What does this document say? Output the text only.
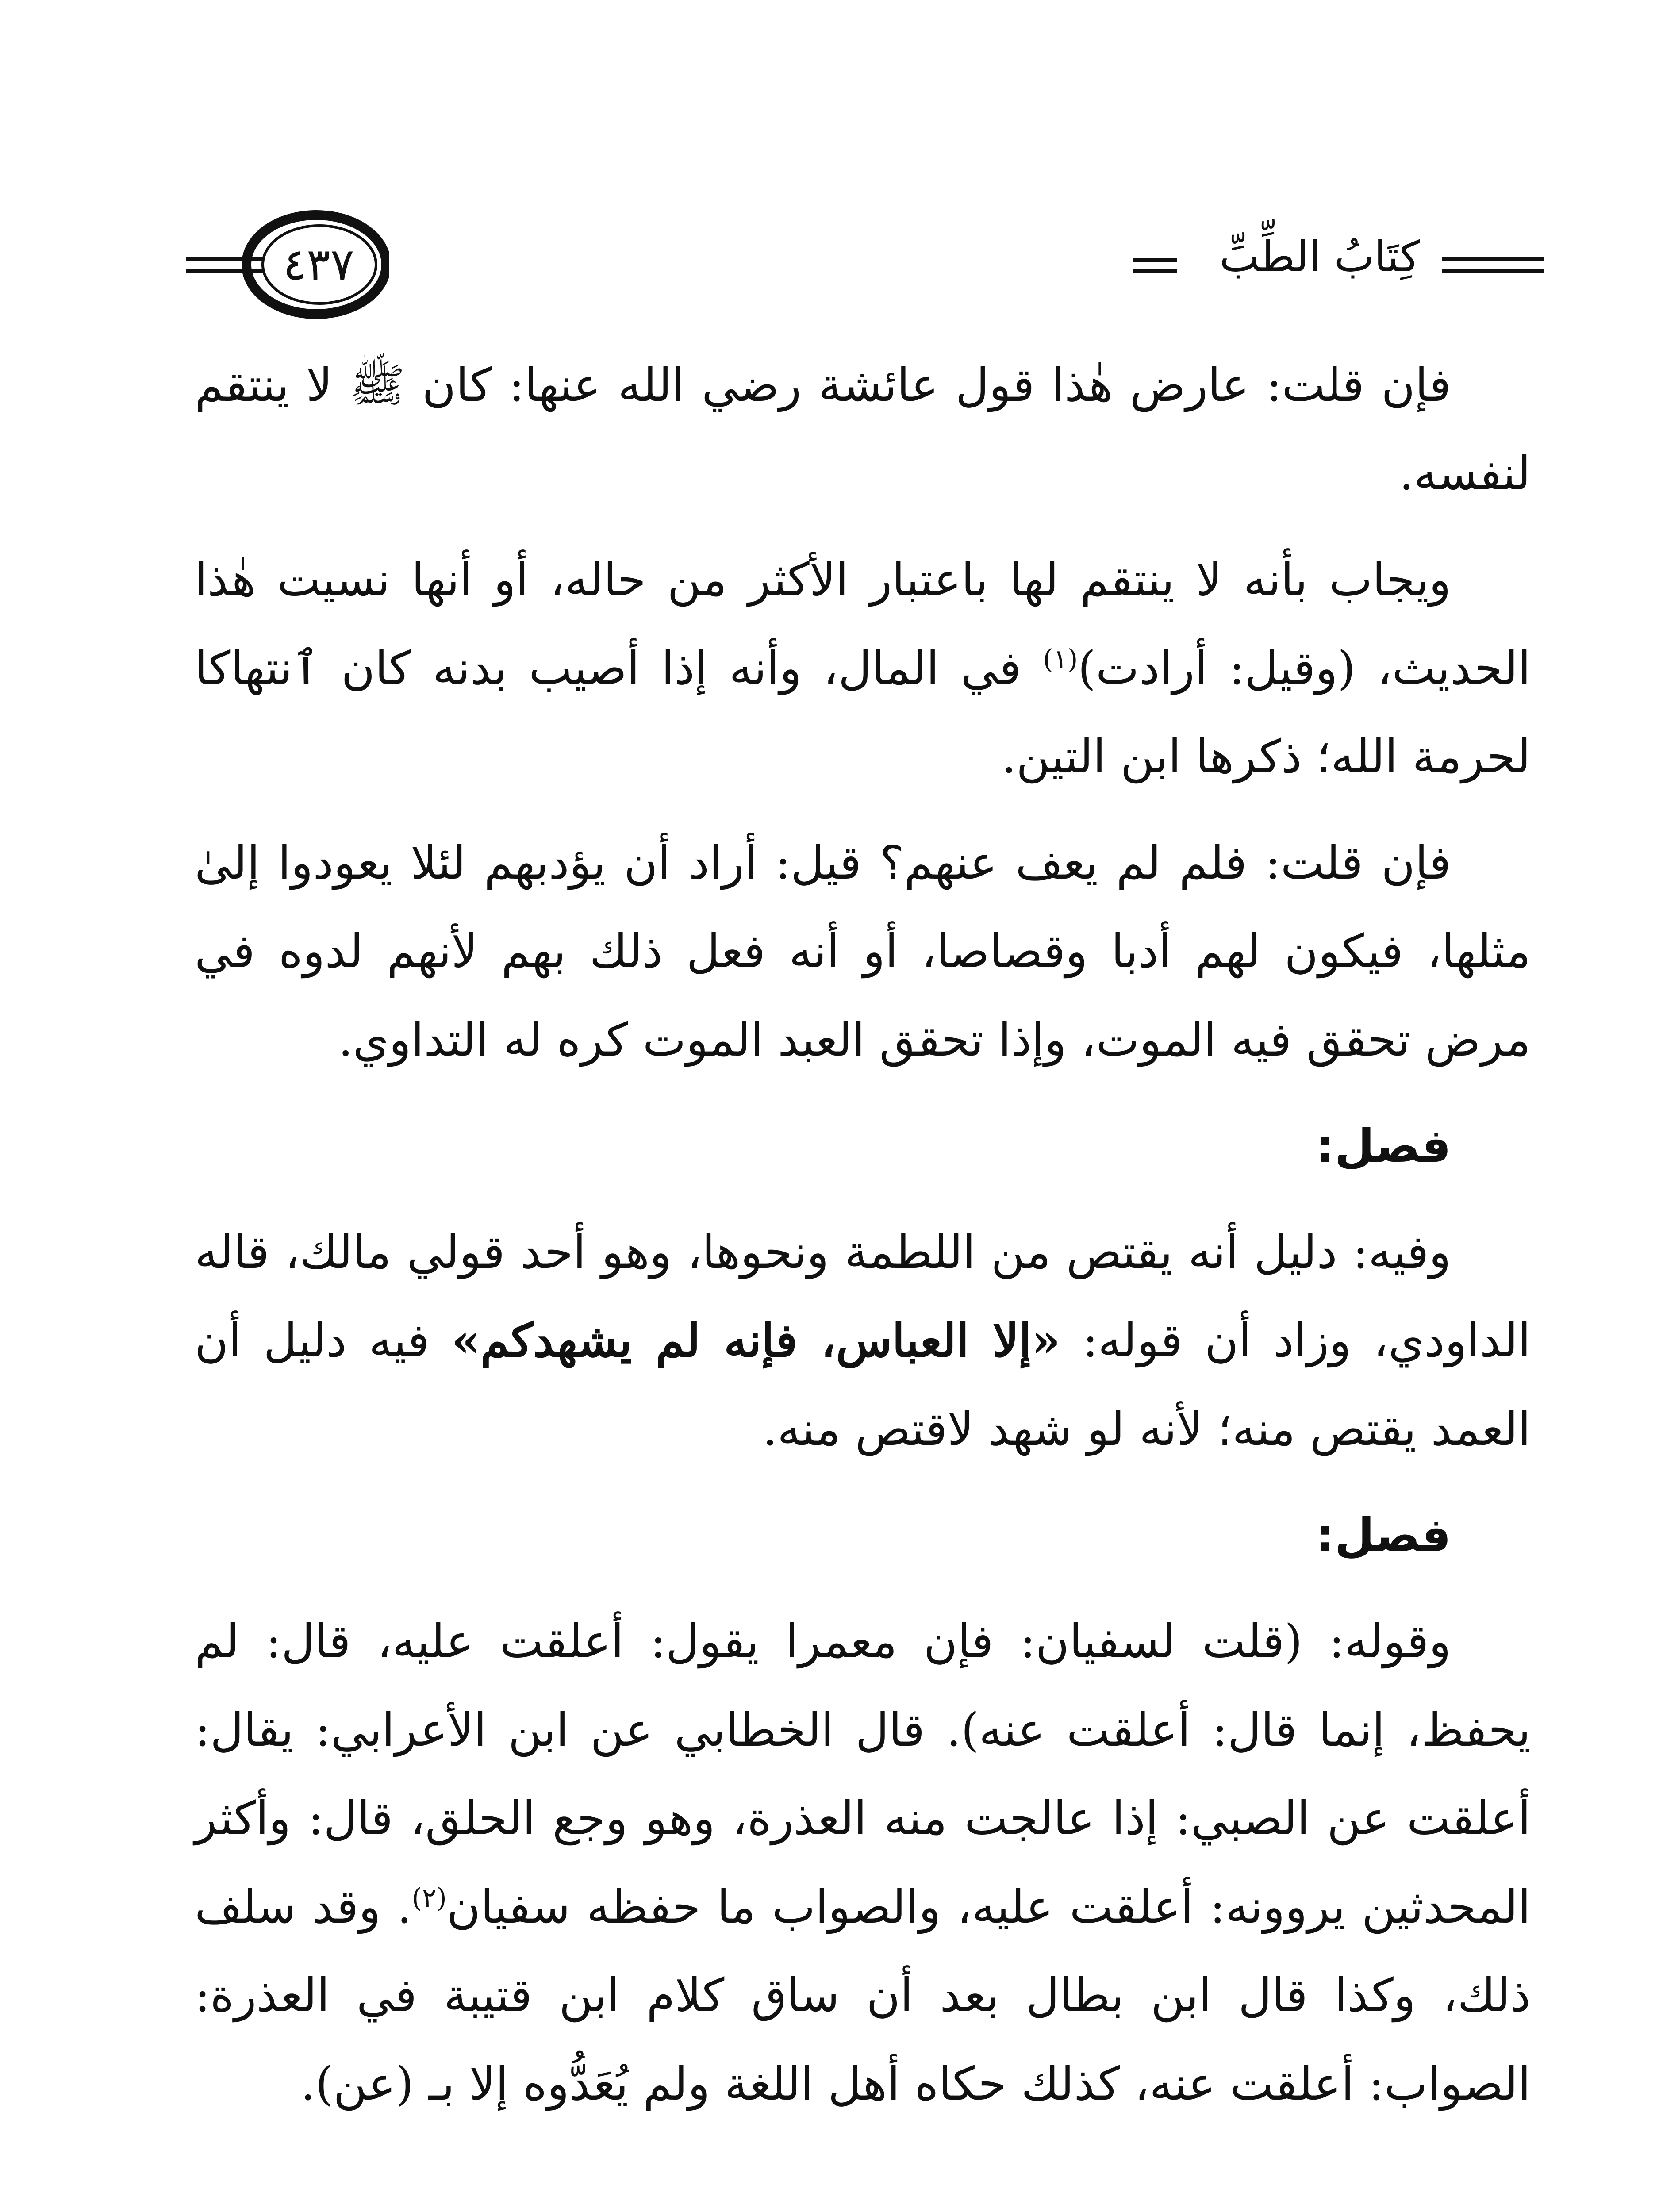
كِتَابُ الطِّبِّ
٤٣٧

فإن قلت: عارض هٰذا قول عائشة رضي الله عنها: كان ﷺ لا ينتقم لنفسه.

ويجاب بأنه لا ينتقم لها باعتبار الأكثر من حاله، أو أنها نسيت هٰذا الحديث، (وقيل: أرادت)$^{(١)}$ في المال، وأنه إذا أصيب بدنه كان ٱنتهاكا لحرمة الله؛ ذكرها ابن التين.

فإن قلت: فلم لم يعف عنهم؟ قيل: أراد أن يؤدبهم لئلا يعودوا إلىٰ مثلها، فيكون لهم أدبا وقصاصا، أو أنه فعل ذلك بهم لأنهم لدوه في مرض تحقق فيه الموت، وإذا تحقق العبد الموت كره له التداوي.

فصل:

وفيه: دليل أنه يقتص من اللطمة ونحوها، وهو أحد قولي مالك، قاله الداودي، وزاد أن قوله: «إلا العباس، فإنه لم يشهدكم» فيه دليل أن العمد يقتص منه؛ لأنه لو شهد لاقتص منه.

فصل:

وقوله: (قلت لسفيان: فإن معمرا يقول: أعلقت عليه، قال: لم يحفظ، إنما قال: أعلقت عنه). قال الخطابي عن ابن الأعرابي: يقال: أعلقت عن الصبي: إذا عالجت منه العذرة، وهو وجع الحلق، قال: وأكثر المحدثين يروونه: أعلقت عليه، والصواب ما حفظه سفيان$^{(٢)}$. وقد سلف ذلك، وكذا قال ابن بطال بعد أن ساق كلام ابن قتيبة في العذرة: الصواب: أعلقت عنه، كذلك حكاه أهل اللغة ولم يُعَدُّوه إلا بـ (عن).
